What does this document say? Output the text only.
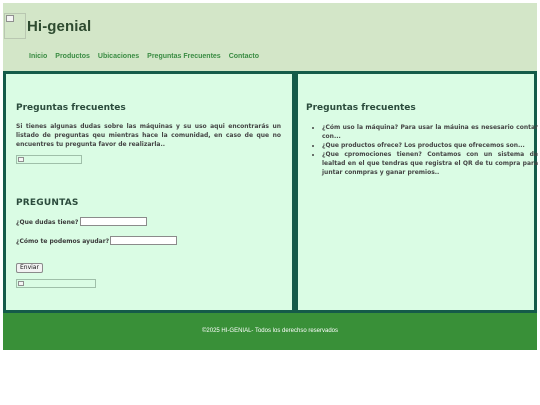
Hi-genial
Inicio Productos Ubicaciones Preguntas Frecuentes Contacto
Preguntas frecuentes

Si tienes algunas dudas sobre las máquinas y su uso aqui encontrarás un listado de preguntas qeu mientras hace la comunidad, en caso de que no encuentres tu pregunta favor de realizarla..

PREGUNTAS
¿Que dudas tiene?
¿Cómo te podemos ayudar?
Enviar
Preguntas frecuentes
• ¿Cóm uso la máquina? Para usar la máuina es nesesario contar con...
• ¿Que productos ofrece? Los productos que ofrecemos son...
• ¿Que cpromociones tienen? Contamos con un sistema de lealtad en el que tendras que registra el QR de tu compra para juntar conmpras y ganar premios..
©2025 HI-GENIAL- Todos los derechso reservados
